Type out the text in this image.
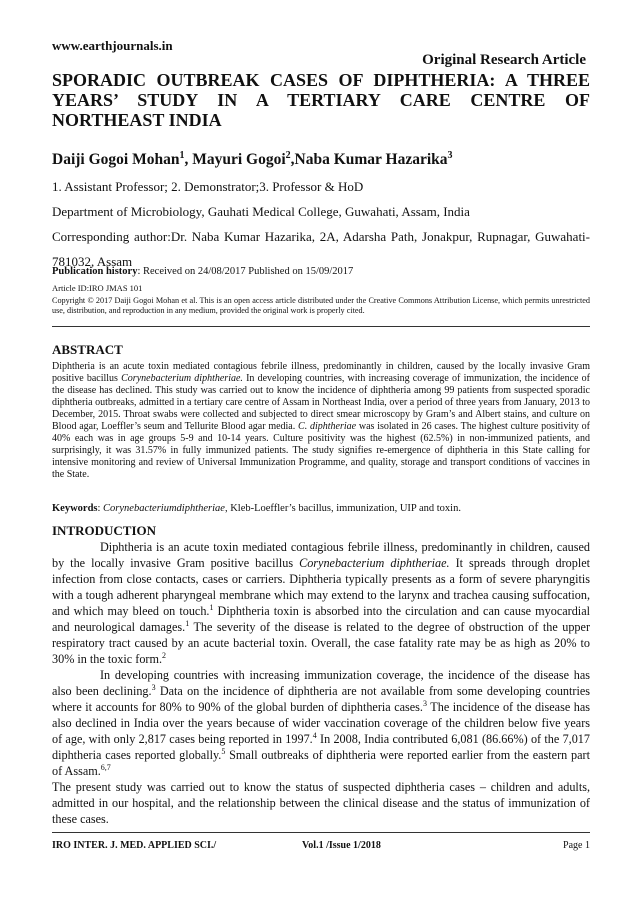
www.earthjournals.in
Original Research Article
SPORADIC OUTBREAK CASES OF DIPHTHERIA: A THREE YEARS’ STUDY IN A TERTIARY CARE CENTRE OF NORTHEAST INDIA
Daiji Gogoi Mohan$^1$, Mayuri Gogoi$^2$,Naba Kumar Hazarika$^3$
1. Assistant Professor; 2. Demonstrator;3. Professor & HoD
Department of Microbiology, Gauhati Medical College, Guwahati, Assam, India
Corresponding author:Dr. Naba Kumar Hazarika, 2A, Adarsha Path, Jonakpur, Rupnagar, Guwahati-
781032, Assam
Publication history: Received on 24/08/2017 Published on 15/09/2017
Article ID:IRO JMAS 101
Copyright © 2017 Daiji Gogoi Mohan et al. This is an open access article distributed under the Creative Commons Attribution License, which permits unrestricted use, distribution, and reproduction in any medium, provided the original work is properly cited.
ABSTRACT
Diphtheria is an acute toxin mediated contagious febrile illness, predominantly in children, caused by the locally invasive Gram positive bacillus Corynebacterium diphtheriae. In developing countries, with increasing coverage of immunization, the incidence of the disease has declined. This study was carried out to know the incidence of diphtheria among 99 patients from suspected sporadic diphtheria outbreaks, admitted in a tertiary care centre of Assam in Northeast India, over a period of three years from January, 2013 to December, 2015. Throat swabs were collected and subjected to direct smear microscopy by Gram’s and Albert stains, and culture on Blood agar, Loeffler’s seum and Tellurite Blood agar media. C. diphtheriae was isolated in 26 cases. The highest culture positivity of 40% each was in age groups 5-9 and 10-14 years. Culture positivity was the highest (62.5%) in non-immunized patients, and surprisingly, it was 31.57% in fully immunized patients. The study signifies re-emergence of diphtheria in this State calling for intensive monitoring and review of Universal Immunization Programme, and quality, storage and transport conditions of vaccines in the State.
Keywords: Corynebacteriumdiphtheriae, Kleb-Loeffler’s bacillus, immunization, UIP and toxin.
INTRODUCTION

Diphtheria is an acute toxin mediated contagious febrile illness, predominantly in children, caused by the locally invasive Gram positive bacillus Corynebacterium diphtheriae. It spreads through droplet infection from close contacts, cases or carriers. Diphtheria typically presents as a form of severe pharyngitis with a tough adherent pharyngeal membrane which may extend to the larynx and trachea causing suffocation, and which may bleed on touch.$^1$ Diphtheria toxin is absorbed into the circulation and can cause myocardial and neurological damages.$^1$ The severity of the disease is related to the degree of obstruction of the upper respiratory tract caused by an acute bacterial toxin. Overall, the case fatality rate may be as high as 20% to 30% in the toxic form.$^2$

In developing countries with increasing immunization coverage, the incidence of the disease has also been declining.$^3$ Data on the incidence of diphtheria are not available from some developing countries where it accounts for 80% to 90% of the global burden of diphtheria cases.$^3$ The incidence of the disease has also declined in India over the years because of wider vaccination coverage of the children below five years of age, with only 2,817 cases being reported in 1997.$^4$ In 2008, India contributed 6,081 (86.66%) of the 7,017 diphtheria cases reported globally.$^5$ Small outbreaks of diphtheria were reported earlier from the eastern part of Assam.$^{6,7}$

The present study was carried out to know the status of suspected diphtheria cases – children and adults, admitted in our hospital, and the relationship between the clinical disease and the status of immunization of these cases.

IRO INTER. J. MED. APPLIED SCI./	Vol.1 /Issue 1/2018	Page 1
